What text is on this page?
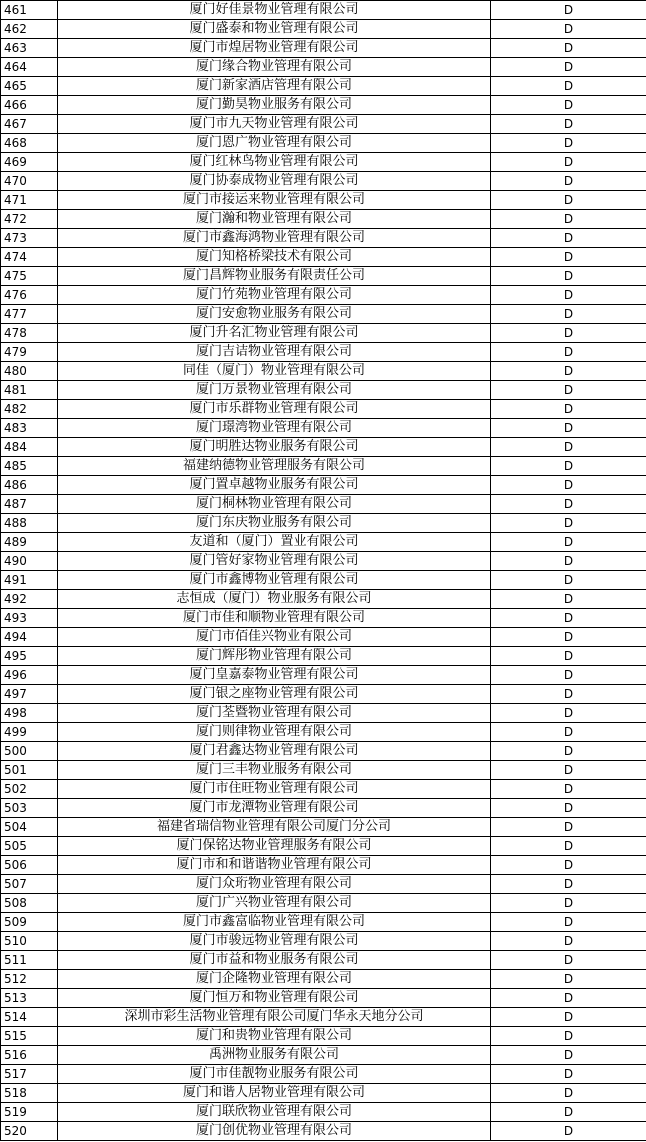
461	厦门好佳景物业管理有限公司	D
462	厦门盛泰和物业管理有限公司	D
463	厦门市煌居物业管理有限公司	D
464	厦门缘合物业管理有限公司	D
465	厦门新家酒店管理有限公司	D
466	厦门勤昊物业服务有限公司	D
467	厦门市九天物业管理有限公司	D
468	厦门恩广物业管理有限公司	D
469	厦门红林鸟物业管理有限公司	D
470	厦门协泰成物业管理有限公司	D
471	厦门市接运来物业管理有限公司	D
472	厦门瀚和物业管理有限公司	D
473	厦门市鑫海鸿物业管理有限公司	D
474	厦门知格桥梁技术有限公司	D
475	厦门昌辉物业服务有限责任公司	D
476	厦门竹苑物业管理有限公司	D
477	厦门安愈物业服务有限公司	D
478	厦门升名汇物业管理有限公司	D
479	厦门吉诘物业管理有限公司	D
480	同佳（厦门）物业管理有限公司	D
481	厦门万景物业管理有限公司	D
482	厦门市乐群物业管理有限公司	D
483	厦门璟湾物业管理有限公司	D
484	厦门明胜达物业服务有限公司	D
485	福建纳德物业管理服务有限公司	D
486	厦门置卓越物业服务有限公司	D
487	厦门桐林物业管理有限公司	D
488	厦门东庆物业服务有限公司	D
489	友道和（厦门）置业有限公司	D
490	厦门管好家物业管理有限公司	D
491	厦门市鑫博物业管理有限公司	D
492	志恒成（厦门）物业服务有限公司	D
493	厦门市佳和顺物业管理有限公司	D
494	厦门市佰佳兴物业有限公司	D
495	厦门辉彤物业管理有限公司	D
496	厦门皇嘉泰物业管理有限公司	D
497	厦门银之座物业管理有限公司	D
498	厦门荃暨物业管理有限公司	D
499	厦门则律物业管理有限公司	D
500	厦门君鑫达物业管理有限公司	D
501	厦门三丰物业服务有限公司	D
502	厦门市住旺物业管理有限公司	D
503	厦门市龙潭物业管理有限公司	D
504	福建省瑞信物业管理有限公司厦门分公司	D
505	厦门保铭达物业管理服务有限公司	D
506	厦门市和和谐谐物业管理有限公司	D
507	厦门众珩物业管理有限公司	D
508	厦门广兴物业管理有限公司	D
509	厦门市鑫富临物业管理有限公司	D
510	厦门市骏远物业管理有限公司	D
511	厦门市益和物业服务有限公司	D
512	厦门企隆物业管理有限公司	D
513	厦门恒万和物业管理有限公司	D
514	深圳市彩生活物业管理有限公司厦门华永天地分公司	D
515	厦门和贵物业管理有限公司	D
516	禹洲物业服务有限公司	D
517	厦门市佳靓物业服务有限公司	D
518	厦门和谐人居物业管理有限公司	D
519	厦门联欣物业管理有限公司	D
520	厦门创优物业管理有限公司	D
